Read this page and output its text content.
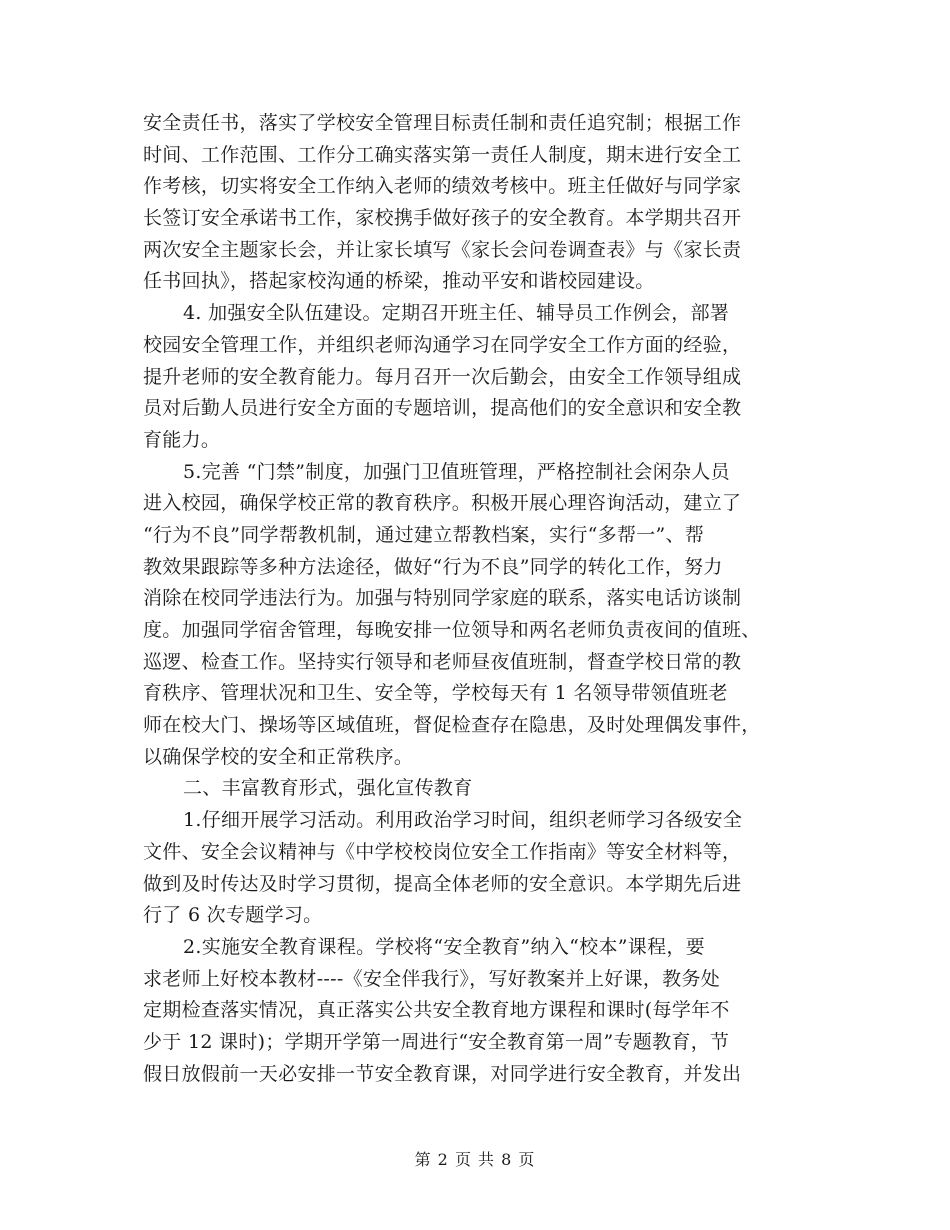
安全责任书，落实了学校安全管理目标责任制和责任追究制；根据工作
时间、工作范围、工作分工确实落实第一责任人制度，期末进行安全工
作考核，切实将安全工作纳入老师的绩效考核中。班主任做好与同学家
长签订安全承诺书工作，家校携手做好孩子的安全教育。本学期共召开
两次安全主题家长会，并让家长填写《家长会问卷调查表》与《家长责
任书回执》，搭起家校沟通的桥梁，推动平安和谐校园建设。
4. 加强安全队伍建设。定期召开班主任、辅导员工作例会，部署
校园安全管理工作，并组织老师沟通学习在同学安全工作方面的经验，
提升老师的安全教育能力。每月召开一次后勤会，由安全工作领导组成
员对后勤人员进行安全方面的专题培训，提高他们的安全意识和安全教
育能力。
5.完善 “门禁”制度，加强门卫值班管理，严格控制社会闲杂人员
进入校园，确保学校正常的教育秩序。积极开展心理咨询活动，建立了
“行为不良”同学帮教机制，通过建立帮教档案，实行“多帮一”、帮
教效果跟踪等多种方法途径，做好“行为不良”同学的转化工作，努力
消除在校同学违法行为。加强与特别同学家庭的联系，落实电话访谈制
度。加强同学宿舍管理，每晚安排一位领导和两名老师负责夜间的值班、
巡逻、检查工作。坚持实行领导和老师昼夜值班制，督查学校日常的教
育秩序、管理状况和卫生、安全等，学校每天有 1 名领导带领值班老
师在校大门、操场等区域值班，督促检查存在隐患，及时处理偶发事件，
以确保学校的安全和正常秩序。
二、丰富教育形式，强化宣传教育
1.仔细开展学习活动。利用政治学习时间，组织老师学习各级安全
文件、安全会议精神与《中学校校岗位安全工作指南》等安全材料等，
做到及时传达及时学习贯彻，提高全体老师的安全意识。本学期先后进
行了 6 次专题学习。
2.实施安全教育课程。学校将“安全教育”纳入“校本”课程，要
求老师上好校本教材----《安全伴我行》，写好教案并上好课，教务处
定期检查落实情况，真正落实公共安全教育地方课程和课时(每学年不
少于 12 课时)；学期开学第一周进行“安全教育第一周”专题教育，节
假日放假前一天必安排一节安全教育课，对同学进行安全教育，并发出
第 2 页 共 8 页
